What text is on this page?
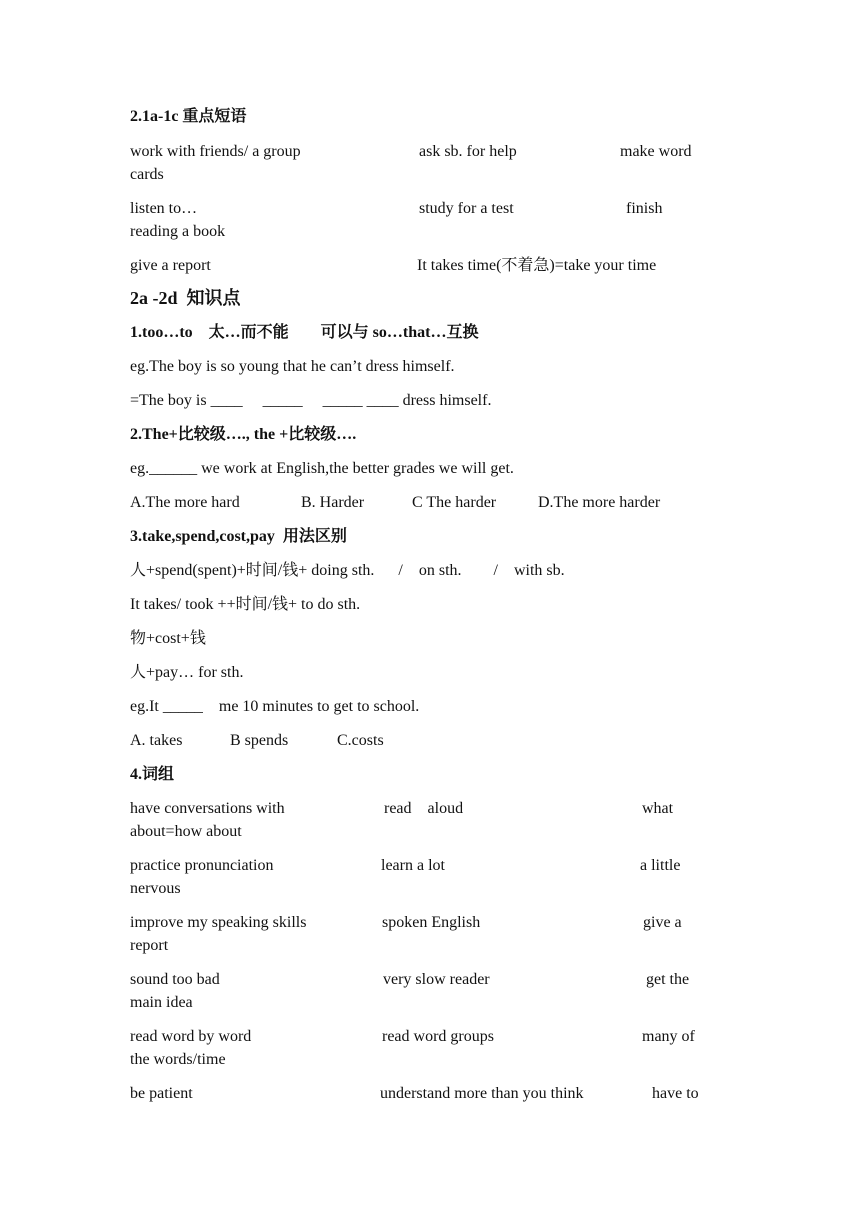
2.1a-1c 重点短语
work with friends/ a group	ask sb. for help	make word
cards
listen to…	study for a test	finish
reading a book
give a report	It takes time(不着急)=take your time
2a -2d  知识点
1.too…to    太…而不能        可以与 so…that…互换
eg.The boy is so young that he can’t dress himself.
=The boy is ____     _____     _____ ____ dress himself.
2.The+比较级…., the +比较级….
eg.______ we work at English,the better grades we will get.
A.The more hard	B. Harder	C The harder	D.The more harder
3.take,spend,cost,pay  用法区别
人+spend(spent)+时间/钱+ doing sth.      /    on sth.        /    with sb.
It takes/ took ++时间/钱+ to do sth.
物+cost+钱
人+pay… for sth.
eg.It _____    me 10 minutes to get to school.
A. takes	B spends	C.costs
4.词组
have conversations with	read    aloud	what
about=how about
practice pronunciation	learn a lot	a little
nervous
improve my speaking skills	spoken English	give a
report
sound too bad	very slow reader	get the
main idea
read word by word	read word groups	many of
the words/time
be patient	understand more than you think	have to
